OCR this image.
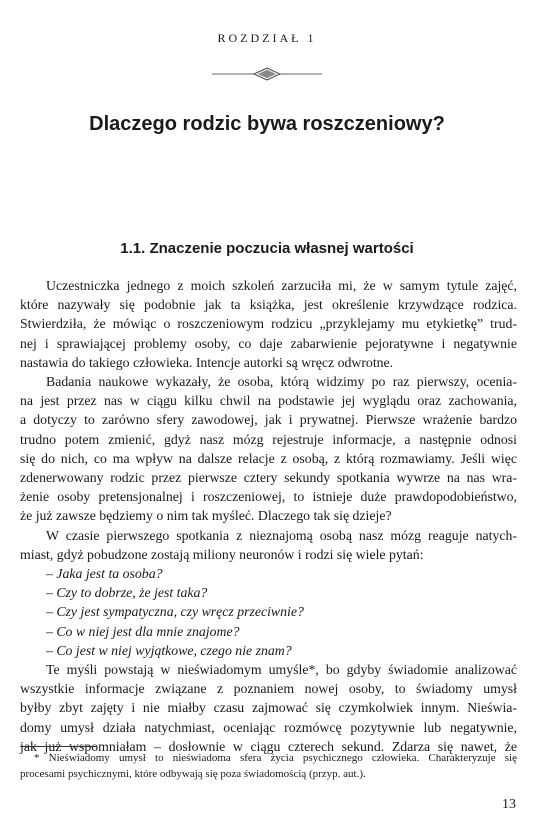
ROZDZIAŁ 1
Dlaczego rodzic bywa roszczeniowy?
1.1. Znaczenie poczucia własnej wartości

Uczestniczka jednego z moich szkoleń zarzuciła mi, że w samym tytule zajęć,

które nazywały się podobnie jak ta książka, jest określenie krzywdzące rodzica.

Stwierdziła, że mówiąc o roszczeniowym rodzicu „przyklejamy mu etykietkę” trud-

nej i sprawiającej problemy osoby, co daje zabarwienie pejoratywne i negatywnie

nastawia do takiego człowieka. Intencje autorki są wręcz odwrotne.

Badania naukowe wykazały, że osoba, którą widzimy po raz pierwszy, oceniа-

na jest przez nas w ciągu kilku chwil na podstawie jej wyglądu oraz zachowania,

a dotyczy to zarówno sfery zawodowej, jak i prywatnej. Pierwsze wrażenie bardzo

trudno potem zmienić, gdyż nasz mózg rejestruje informacje, a następnie odnosi

się do nich, co ma wpływ na dalsze relacje z osobą, z którą rozmawiamy. Jeśli więc

zdenerwowany rodzic przez pierwsze cztery sekundy spotkania wywrze na nas wra-

żenie osoby pretensjonalnej i roszczeniowej, to istnieje duże prawdopodobieństwo,

że już zawsze będziemy o nim tak myśleć. Dlaczego tak się dzieje?

W czasie pierwszego spotkania z nieznajomą osobą nasz mózg reaguje natych-

miast, gdyż pobudzone zostają miliony neuronów i rodzi się wiele pytań:

– Jaka jest ta osoba?

– Czy to dobrze, że jest taka?

– Czy jest sympatyczna, czy wręcz przeciwnie?

– Co w niej jest dla mnie znajome?

– Co jest w niej wyjątkowe, czego nie znam?

Te myśli powstają w nieświadomym umyśle*, bo gdyby świadomie analizować

wszystkie informacje związane z poznaniem nowej osoby, to świadomy umysł

byłby zbyt zajęty i nie miałby czasu zajmować się czymkolwiek innym. Nieświa-

domy umysł działa natychmiast, oceniając rozmówcę pozytywnie lub negatywnie,

jak już wspomniałam – dosłownie w ciągu czterech sekund. Zdarza się nawet, że

* Nieświadomy umysł to nieświadoma sfera życia psychicznego człowieka. Charakteryzuje się

procesami psychicznymi, które odbywają się poza świadomością (przyp. aut.).

13
